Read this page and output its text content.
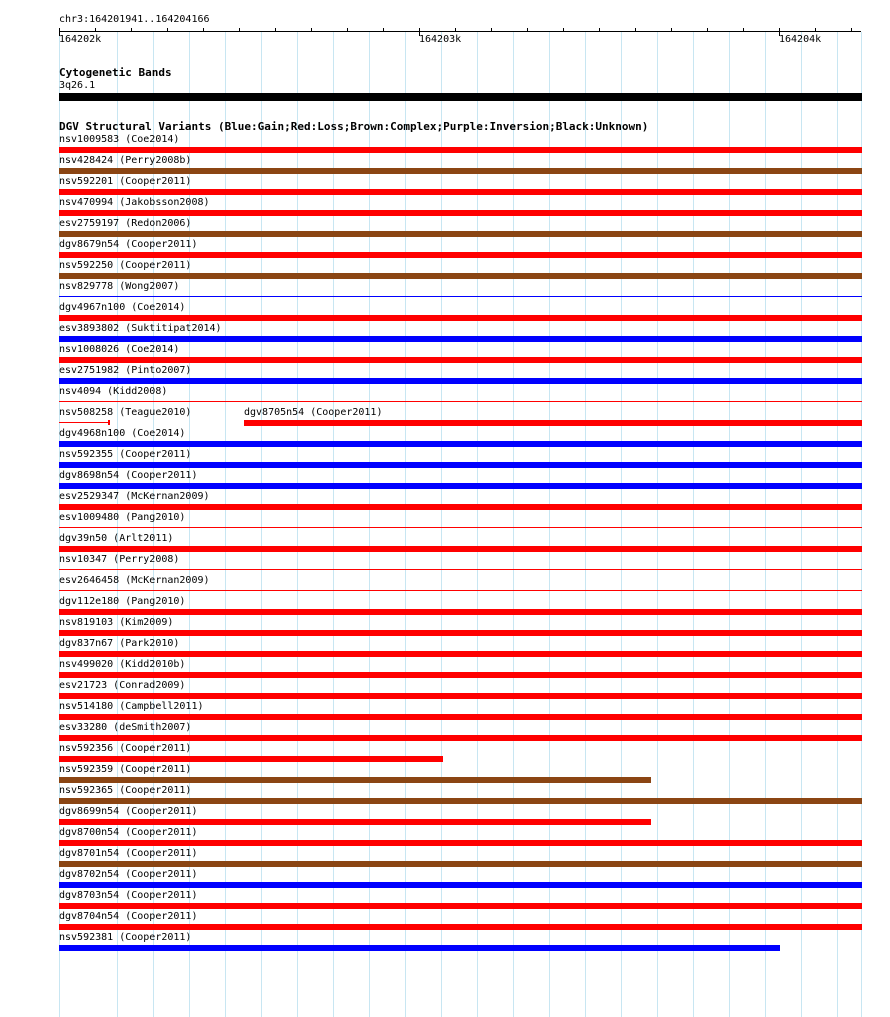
chr3:164201941..164204166
164202k	164203k	164204k
Cytogenetic Bands
3q26.1
DGV Structural Variants (Blue:Gain;Red:Loss;Brown:Complex;Purple:Inversion;Black:Unknown)
nsv1009583 (Coe2014)
nsv428424 (Perry2008b)
nsv592201 (Cooper2011)
nsv470994 (Jakobsson2008)
esv2759197 (Redon2006)
dgv8679n54 (Cooper2011)
nsv592250 (Cooper2011)
nsv829778 (Wong2007)
dgv4967n100 (Coe2014)
esv3893802 (Suktitipat2014)
nsv1008026 (Coe2014)
esv2751982 (Pinto2007)
nsv4094 (Kidd2008)
nsv508258 (Teague2010)	dgv8705n54 (Cooper2011)
dgv4968n100 (Coe2014)
nsv592355 (Cooper2011)
dgv8698n54 (Cooper2011)
esv2529347 (McKernan2009)
esv1009480 (Pang2010)
dgv39n50 (Arlt2011)
nsv10347 (Perry2008)
esv2646458 (McKernan2009)
dgv112e180 (Pang2010)
nsv819103 (Kim2009)
dgv837n67 (Park2010)
nsv499020 (Kidd2010b)
esv21723 (Conrad2009)
nsv514180 (Campbell2011)
esv33280 (deSmith2007)
nsv592356 (Cooper2011)
nsv592359 (Cooper2011)
nsv592365 (Cooper2011)
dgv8699n54 (Cooper2011)
dgv8700n54 (Cooper2011)
dgv8701n54 (Cooper2011)
dgv8702n54 (Cooper2011)
dgv8703n54 (Cooper2011)
dgv8704n54 (Cooper2011)
nsv592381 (Cooper2011)
